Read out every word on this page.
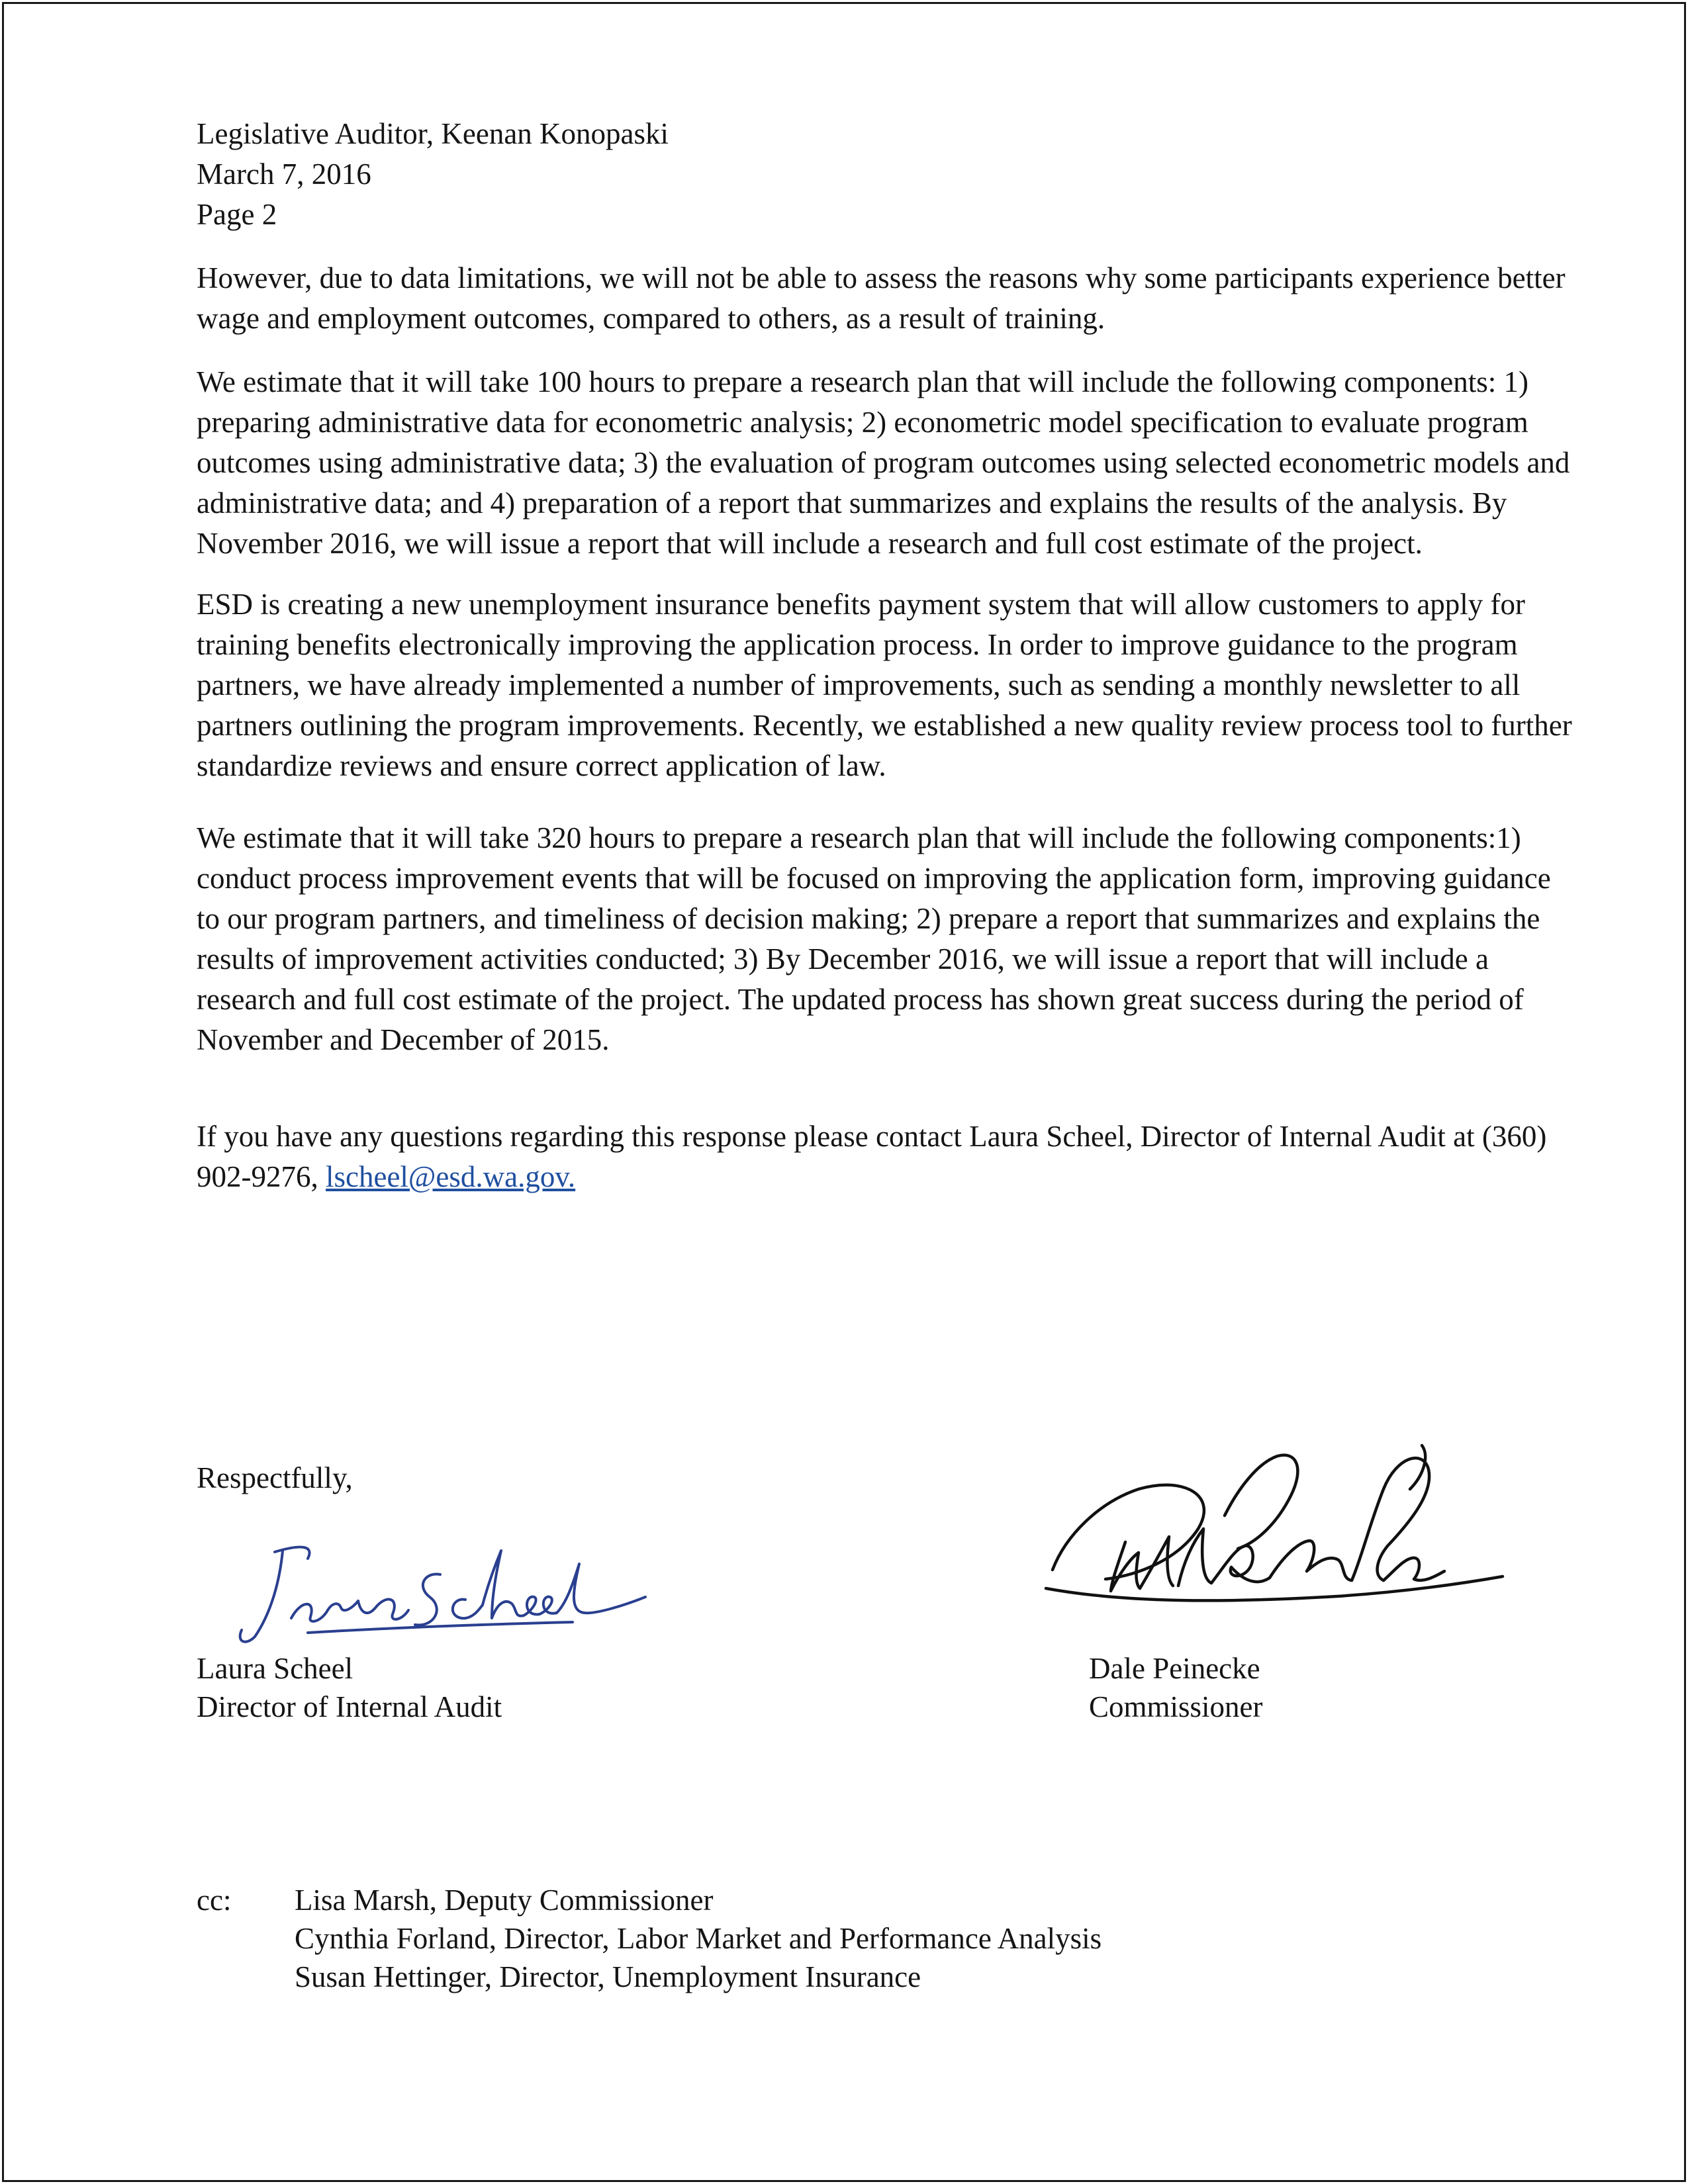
Legislative Auditor, Keenan Konopaski
March 7, 2016
Page 2

However, due to data limitations, we will not be able to assess the reasons why some participants experience better wage and employment outcomes, compared to others, as a result of training.

We estimate that it will take 100 hours to prepare a research plan that will include the following components: 1) preparing administrative data for econometric analysis; 2) econometric model specification to evaluate program outcomes using administrative data; 3) the evaluation of program outcomes using selected econometric models and administrative data; and 4) preparation of a report that summarizes and explains the results of the analysis. By November 2016, we will issue a report that will include a research and full cost estimate of the project.

ESD is creating a new unemployment insurance benefits payment system that will allow customers to apply for training benefits electronically improving the application process. In order to improve guidance to the program partners, we have already implemented a number of improvements, such as sending a monthly newsletter to all partners outlining the program improvements. Recently, we established a new quality review process tool to further standardize reviews and ensure correct application of law.

We estimate that it will take 320 hours to prepare a research plan that will include the following components:1) conduct process improvement events that will be focused on improving the application form, improving guidance to our program partners, and timeliness of decision making; 2) prepare a report that summarizes and explains the results of improvement activities conducted; 3) By December 2016, we will issue a report that will include a research and full cost estimate of the project. The updated process has shown great success during the period of November and December of 2015.

If you have any questions regarding this response please contact Laura Scheel, Director of Internal Audit at (360) 902-9276, lscheel@esd.wa.gov.

Respectfully,
Laura Scheel
Director of Internal Audit
Dale Peinecke
Commissioner
cc: Lisa Marsh, Deputy Commissioner
Cynthia Forland, Director, Labor Market and Performance Analysis
Susan Hettinger, Director, Unemployment Insurance
